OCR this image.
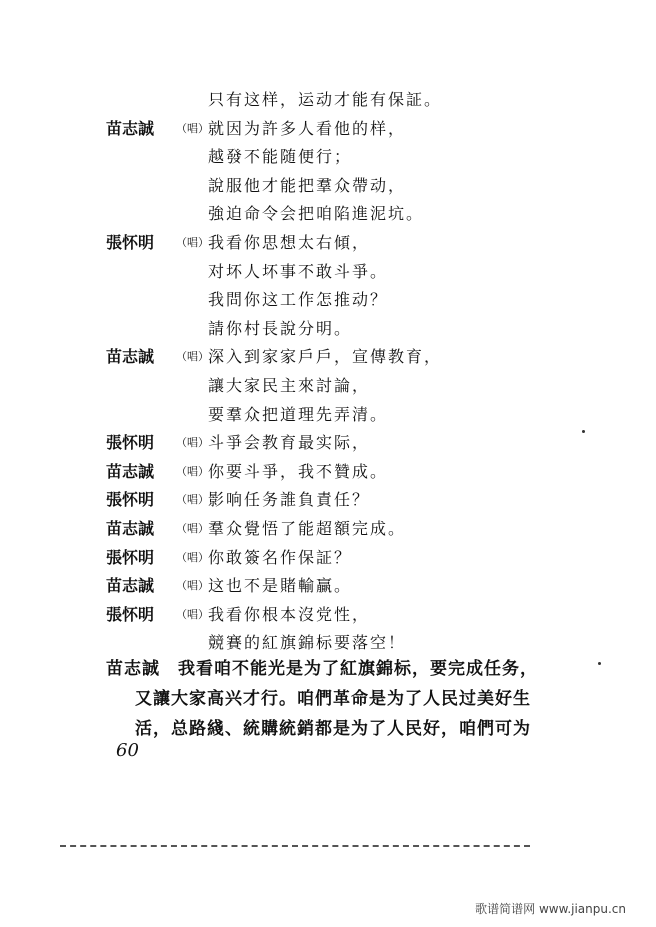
只有这样，运动才能有保証。
苗志誠 （唱） 就因为許多人看他的样，
越發不能随便行；
說服他才能把羣众帶动，
強迫命令会把咱陷進泥坑。
張怀明 （唱） 我看你思想太右傾，
对坏人坏事不敢斗爭。
我問你这工作怎推动？
請你村長說分明。
苗志誠 （唱） 深入到家家戶戶，宣傳教育，
讓大家民主來討論，
要羣众把道理先弄清。
張怀明 （唱） 斗爭会教育最实际，
苗志誠 （唱） 你要斗爭，我不贊成。
張怀明 （唱） 影响任务誰負責任？
苗志誠 （唱） 羣众覺悟了能超額完成。
張怀明 （唱） 你敢簽名作保証？
苗志誠 （唱） 这也不是賭輸贏。
張怀明 （唱） 我看你根本沒党性，
競賽的紅旗錦标要落空！
苗志誠　我看咱不能光是为了紅旗錦标，要完成任务，
又讓大家高兴才行。咱們革命是为了人民过美好生
活，总路綫、統購統銷都是为了人民好，咱們可为
60
歌谱简谱网 www.jianpu.cn
